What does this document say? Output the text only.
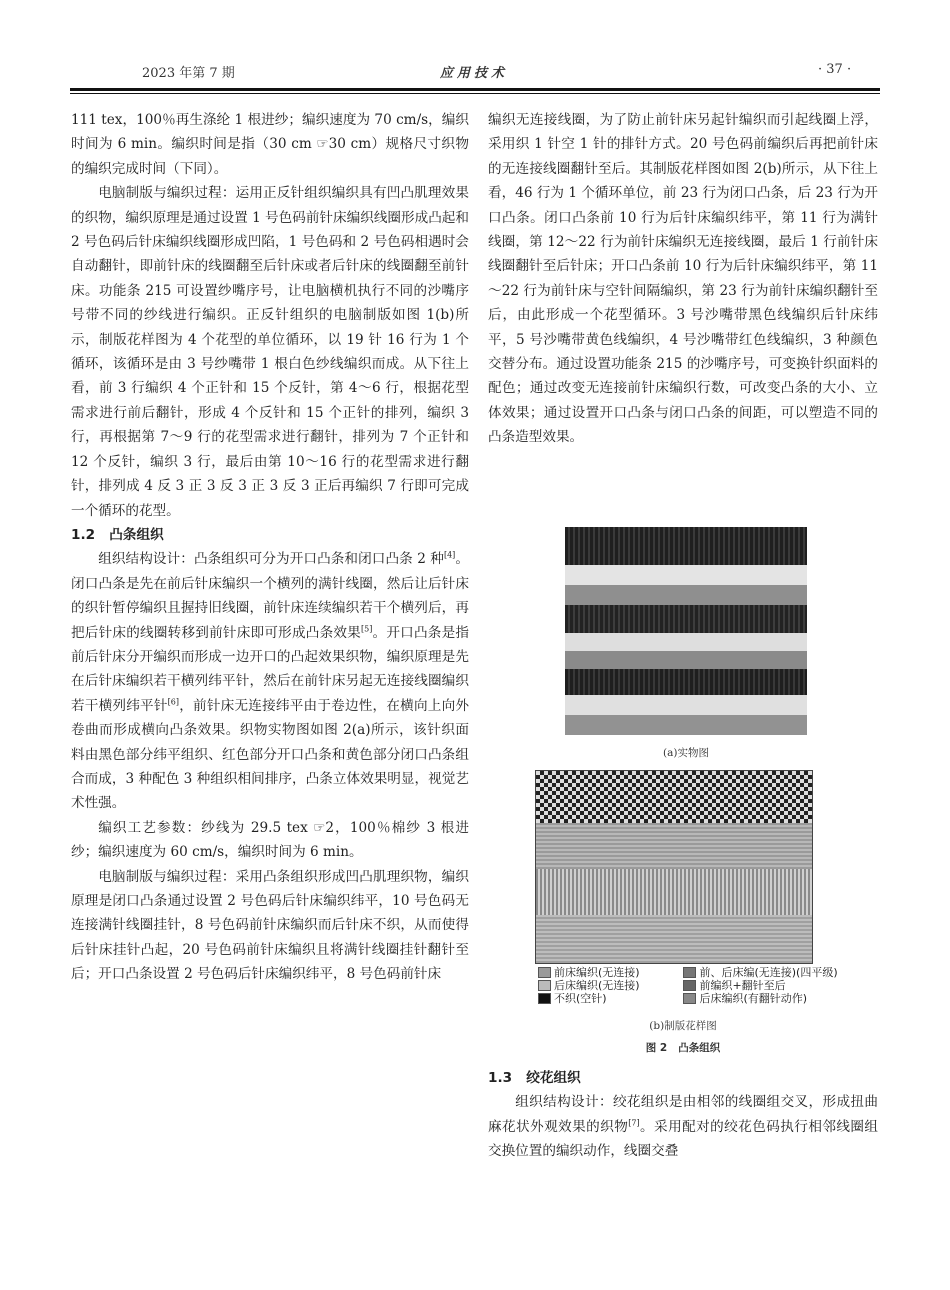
2023 年第 7 期	应用技术	· 37 ·

111 tex，100％再生涤纶 1 根进纱；编织速度为 70 cm/s，编织时间为 6 min。编织时间是指（30 cm ☞30 cm）规格尺寸织物的编织完成时间（下同）。

电脑制版与编织过程：运用正反针组织编织具有凹凸肌理效果的织物，编织原理是通过设置 1 号色码前针床编织线圈形成凸起和 2 号色码后针床编织线圈形成凹陷，1 号色码和 2 号色码相遇时会自动翻针，即前针床的线圈翻至后针床或者后针床的线圈翻至前针床。功能条 215 可设置纱嘴序号，让电脑横机执行不同的沙嘴序号带不同的纱线进行编织。正反针组织的电脑制版如图 1(b)所示，制版花样图为 4 个花型的单位循环，以 19 针 16 行为 1 个循环，该循环是由 3 号纱嘴带 1 根白色纱线编织而成。从下往上看，前 3 行编织 4 个正针和 15 个反针，第 4～6 行，根据花型需求进行前后翻针，形成 4 个反针和 15 个正针的排列，编织 3 行，再根据第 7～9 行的花型需求进行翻针，排列为 7 个正针和 12 个反针，编织 3 行，最后由第 10～16 行的花型需求进行翻针，排列成 4 反 3 正 3 反 3 正 3 反 3 正后再编织 7 行即可完成一个循环的花型。

1.2 凸条组织

组织结构设计：凸条组织可分为开口凸条和闭口凸条 2 种[4]。闭口凸条是先在前后针床编织一个横列的满针线圈，然后让后针床的织针暂停编织且握持旧线圈，前针床连续编织若干个横列后，再把后针床的线圈转移到前针床即可形成凸条效果[5]。开口凸条是指前后针床分开编织而形成一边开口的凸起效果织物，编织原理是先在后针床编织若干横列纬平针，然后在前针床另起无连接线圈编织若干横列纬平针[6]，前针床无连接纬平由于卷边性，在横向上向外卷曲而形成横向凸条效果。织物实物图如图 2(a)所示，该针织面料由黑色部分纬平组织、红色部分开口凸条和黄色部分闭口凸条组合而成，3 种配色 3 种组织相间排序，凸条立体效果明显，视觉艺术性强。

编织工艺参数：纱线为 29.5 tex ☞2，100％棉纱 3 根进纱；编织速度为 60 cm/s，编织时间为 6 min。

电脑制版与编织过程：采用凸条组织形成凹凸肌理织物，编织原理是闭口凸条通过设置 2 号色码后针床编织纬平，10 号色码无连接满针线圈挂针，8 号色码前针床编织而后针床不织，从而使得后针床挂针凸起，20 号色码前针床编织且将满针线圈挂针翻针至后；开口凸条设置 2 号色码后针床编织纬平，8 号色码前针床

编织无连接线圈，为了防止前针床另起针编织而引起线圈上浮，采用织 1 针空 1 针的排针方式。20 号色码前编织后再把前针床的无连接线圈翻针至后。其制版花样图如图 2(b)所示，从下往上看，46 行为 1 个循环单位，前 23 行为闭口凸条，后 23 行为开口凸条。闭口凸条前 10 行为后针床编织纬平，第 11 行为满针线圈，第 12～22 行为前针床编织无连接线圈，最后 1 行前针床线圈翻针至后针床；开口凸条前 10 行为后针床编织纬平，第 11～22 行为前针床与空针间隔编织，第 23 行为前针床编织翻针至后，由此形成一个花型循环。3 号沙嘴带黑色线编织后针床纬平，5 号沙嘴带黄色线编织，4 号沙嘴带红色线编织，3 种颜色交替分布。通过设置功能条 215 的沙嘴序号，可变换针织面料的配色；通过改变无连接前针床编织行数，可改变凸条的大小、立体效果；通过设置开口凸条与闭口凸条的间距，可以塑造不同的凸条造型效果。

(a)实物图
前床编织(无连接)	前、后床编(无连接)(四平级)
后床编织(无连接)	前编织+翻针至后
不织(空针)	后床编织(有翻针动作)
(b)制版花样图
图 2 凸条组织
1.3 绞花组织

组织结构设计：绞花组织是由相邻的线圈组交叉，形成扭曲麻花状外观效果的织物[7]。采用配对的绞花色码执行相邻线圈组交换位置的编织动作，线圈交叠
